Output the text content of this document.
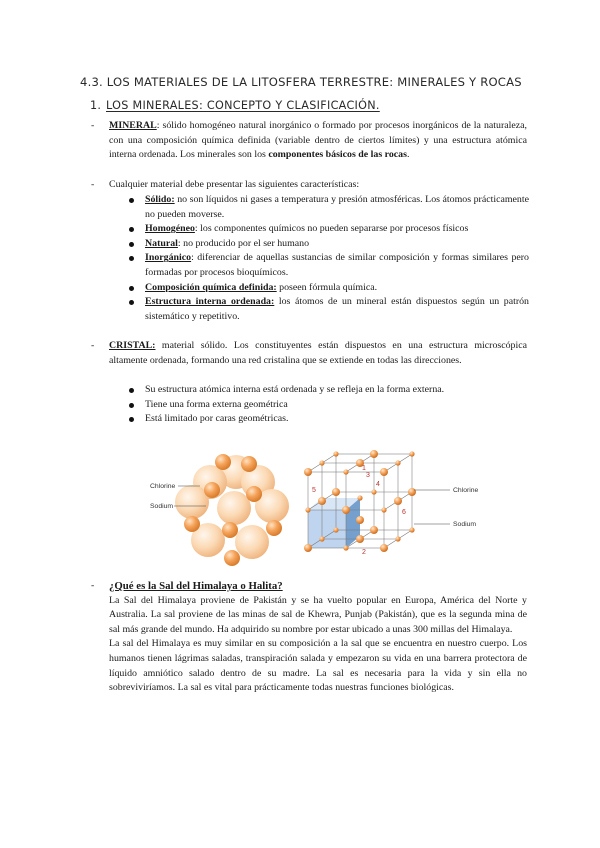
4.3. LOS MATERIALES DE LA LITOSFERA TERRESTRE: MINERALES Y ROCAS
1. LOS MINERALES: CONCEPTO Y CLASIFICACIÓN.
- MINERAL: sólido homogéneo natural inorgánico o formado por procesos inorgánicos de la naturaleza, con una composición química definida (variable dentro de ciertos límites) y una estructura atómica interna ordenada. Los minerales son los componentes básicos de las rocas.
- Cualquier material debe presentar las siguientes características:
Sólido: no son líquidos ni gases a temperatura y presión atmosféricas. Los átomos prácticamente no pueden moverse.
Homogéneo: los componentes químicos no pueden separarse por procesos físicos
Natural: no producido por el ser humano
Inorgánico: diferenciar de aquellas sustancias de similar composición y formas similares pero formadas por procesos bioquímicos.
Composición química definida: poseen fórmula química.
Estructura interna ordenada: los átomos de un mineral están dispuestos según un patrón sistemático y repetitivo.
- CRISTAL: material sólido. Los constituyentes están dispuestos en una estructura microscópica altamente ordenada, formando una red cristalina que se extiende en todas las direcciones.
Su estructura atómica interna está ordenada y se refleja en la forma externa.
Tiene una forma externa geométrica
Está limitado por caras geométricas.
Chlorine
Sodium
1
2
3
4
5
6
Chlorine
Sodium
- ¿Qué es la Sal del Himalaya o Halita?
La Sal del Himalaya proviene de Pakistán y se ha vuelto popular en Europa, América del Norte y Australia. La sal proviene de las minas de sal de Khewra, Punjab (Pakistán), que es la segunda mina de sal más grande del mundo. Ha adquirido su nombre por estar ubicado a unas 300 millas del Himalaya.
La sal del Himalaya es muy similar en su composición a la sal que se encuentra en nuestro cuerpo. Los humanos tienen lágrimas saladas, transpiración salada y empezaron su vida en una barrera protectora de líquido amniótico salado dentro de su madre. La sal es necesaria para la vida y sin ella no sobreviviríamos. La sal es vital para prácticamente todas nuestras funciones biológicas.
